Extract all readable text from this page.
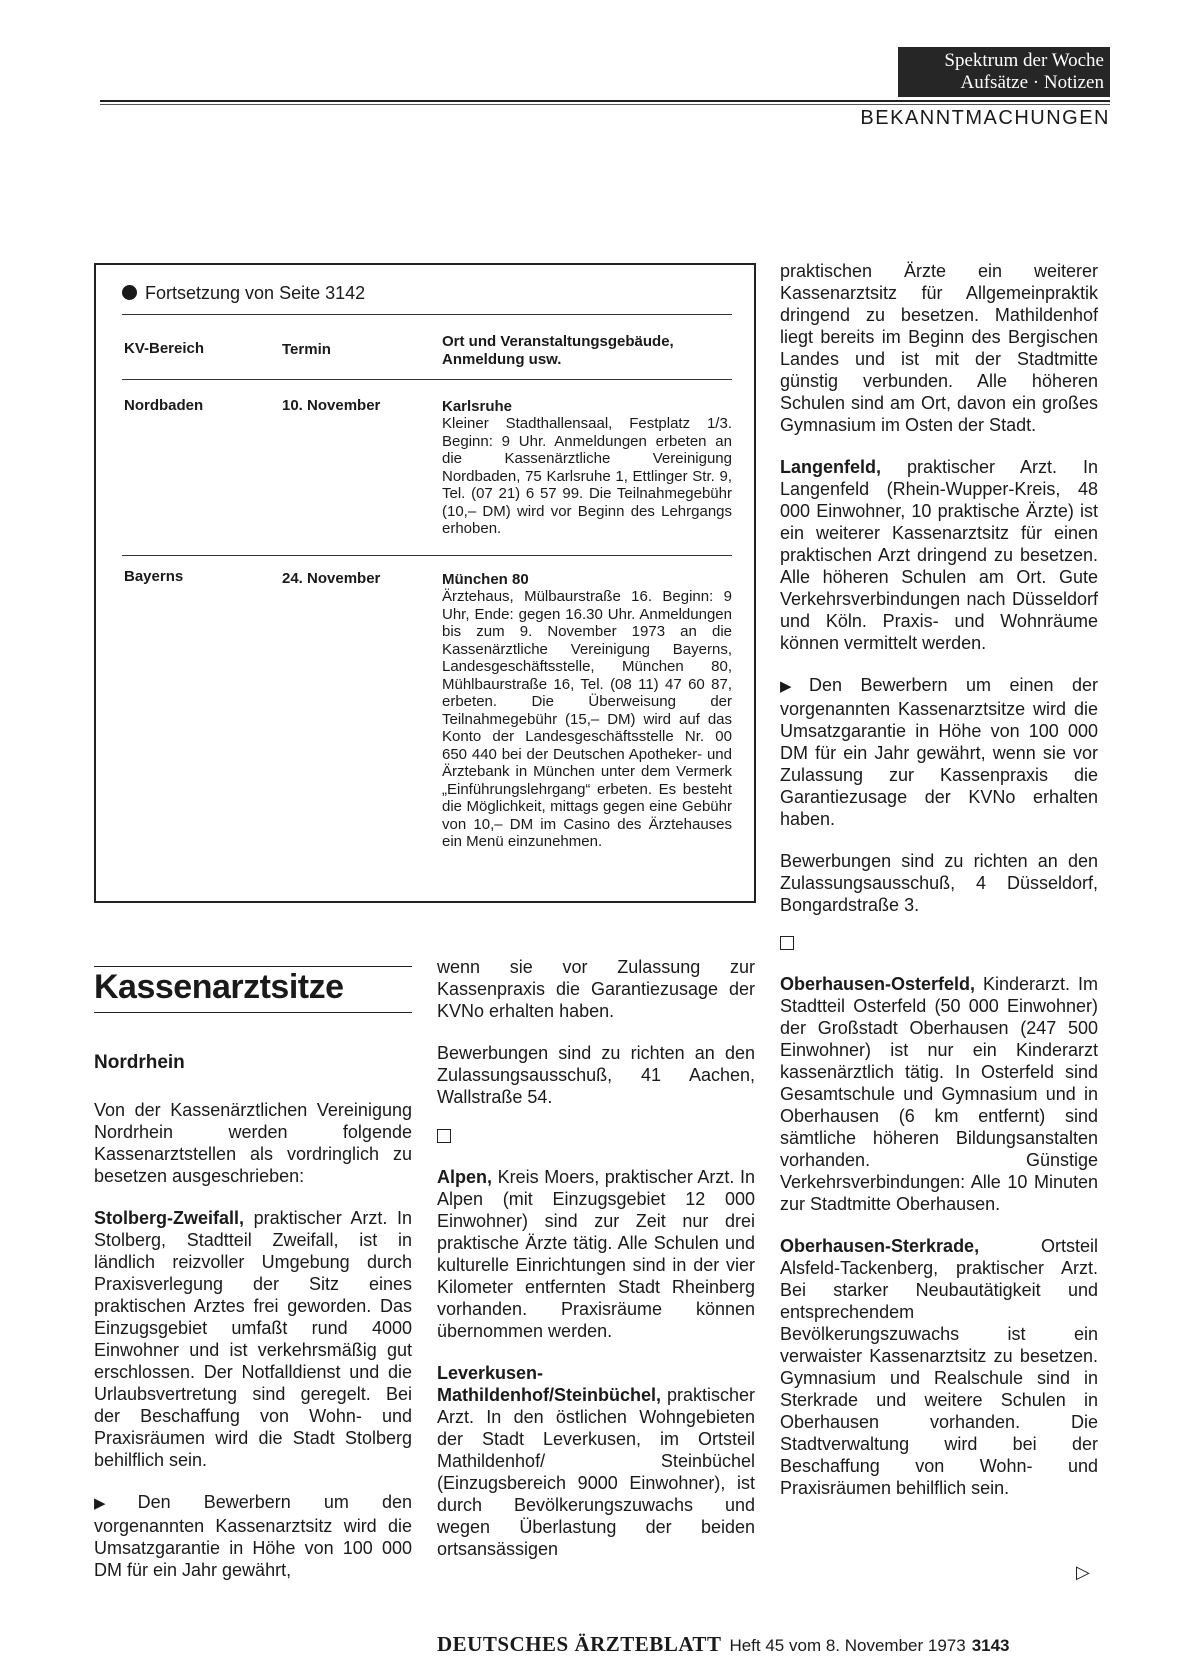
Spektrum der Woche
Aufsätze · Notizen
BEKANNTMACHUNGEN
Fortsetzung von Seite 3142
KV-Bereich	Termin	Ort und Veranstaltungsgebäude, Anmeldung usw.
Nordbaden	10. November	Karlsruhe
Kleiner Stadthallensaal, Festplatz 1/3. Beginn: 9 Uhr. Anmeldungen erbeten an die Kassenärztliche Vereinigung Nordbaden, 75 Karlsruhe 1, Ettlinger Str. 9, Tel. (07 21) 6 57 99. Die Teilnahmegebühr (10,– DM) wird vor Beginn des Lehrgangs erhoben.
Bayerns	24. November	München 80
Ärztehaus, Mülbaurstraße 16. Beginn: 9 Uhr, Ende: gegen 16.30 Uhr. Anmeldungen bis zum 9. November 1973 an die Kassenärztliche Vereinigung Bayerns, Landesgeschäftsstelle, München 80, Mühlbaurstraße 16, Tel. (08 11) 47 60 87, erbeten. Die Überweisung der Teilnahmegebühr (15,– DM) wird auf das Konto der Landesgeschäftsstelle Nr. 00 650 440 bei der Deutschen Apotheker- und Ärztebank in München unter dem Vermerk „Einführungslehrgang“ erbeten. Es besteht die Möglichkeit, mittags gegen eine Gebühr von 10,– DM im Casino des Ärztehauses ein Menü einzunehmen.
Kassenarztsitze
Nordrhein

Von der Kassenärztlichen Vereinigung Nordrhein werden folgende Kassenarztstellen als vordringlich zu besetzen ausgeschrieben:

Stolberg-Zweifall, praktischer Arzt. In Stolberg, Stadtteil Zweifall, ist in ländlich reizvoller Umgebung durch Praxisverlegung der Sitz eines praktischen Arztes frei geworden. Das Einzugsgebiet umfaßt rund 4000 Einwohner und ist verkehrsmäßig gut erschlossen. Der Notfalldienst und die Urlaubsvertretung sind geregelt. Bei der Beschaffung von Wohn- und Praxisräumen wird die Stadt Stolberg behilflich sein.

▶ Den Bewerbern um den vorgenannten Kassenarztsitz wird die Umsatzgarantie in Höhe von 100 000 DM für ein Jahr gewährt,

wenn sie vor Zulassung zur Kassenpraxis die Garantiezusage der KVNo erhalten haben.

Bewerbungen sind zu richten an den Zulassungsausschuß, 41 Aachen, Wallstraße 54.

Alpen, Kreis Moers, praktischer Arzt. In Alpen (mit Einzugsgebiet 12 000 Einwohner) sind zur Zeit nur drei praktische Ärzte tätig. Alle Schulen und kulturelle Einrichtungen sind in der vier Kilometer entfernten Stadt Rheinberg vorhanden. Praxisräume können übernommen werden.

Leverkusen-Mathildenhof/Steinbüchel, praktischer Arzt. In den östlichen Wohngebieten der Stadt Leverkusen, im Ortsteil Mathildenhof/ Steinbüchel (Einzugsbereich 9000 Einwohner), ist durch Bevölkerungszuwachs und wegen Überlastung der beiden ortsansässigen

praktischen Ärzte ein weiterer Kassenarztsitz für Allgemeinpraktik dringend zu besetzen. Mathildenhof liegt bereits im Beginn des Bergischen Landes und ist mit der Stadtmitte günstig verbunden. Alle höheren Schulen sind am Ort, davon ein großes Gymnasium im Osten der Stadt.

Langenfeld, praktischer Arzt. In Langenfeld (Rhein-Wupper-Kreis, 48 000 Einwohner, 10 praktische Ärzte) ist ein weiterer Kassenarztsitz für einen praktischen Arzt dringend zu besetzen. Alle höheren Schulen am Ort. Gute Verkehrsverbindungen nach Düsseldorf und Köln. Praxis- und Wohnräume können vermittelt werden.

▶ Den Bewerbern um einen der vorgenannten Kassenarztsitze wird die Umsatzgarantie in Höhe von 100 000 DM für ein Jahr gewährt, wenn sie vor Zulassung zur Kassenpraxis die Garantiezusage der KVNo erhalten haben.

Bewerbungen sind zu richten an den Zulassungsausschuß, 4 Düsseldorf, Bongardstraße 3.

Oberhausen-Osterfeld, Kinderarzt. Im Stadtteil Osterfeld (50 000 Einwohner) der Großstadt Oberhausen (247 500 Einwohner) ist nur ein Kinderarzt kassenärztlich tätig. In Osterfeld sind Gesamtschule und Gymnasium und in Oberhausen (6 km entfernt) sind sämtliche höheren Bildungsanstalten vorhanden. Günstige Verkehrsverbindungen: Alle 10 Minuten zur Stadtmitte Oberhausen.

Oberhausen-Sterkrade, Ortsteil Alsfeld-Tackenberg, praktischer Arzt. Bei starker Neubautätigkeit und entsprechendem Bevölkerungszuwachs ist ein verwaister Kassenarztsitz zu besetzen. Gymnasium und Realschule sind in Sterkrade und weitere Schulen in Oberhausen vorhanden. Die Stadtverwaltung wird bei der Beschaffung von Wohn- und Praxisräumen behilflich sein.

▷
DEUTSCHES ÄRZTEBLATT Heft 45 vom 8. November 1973 3143
